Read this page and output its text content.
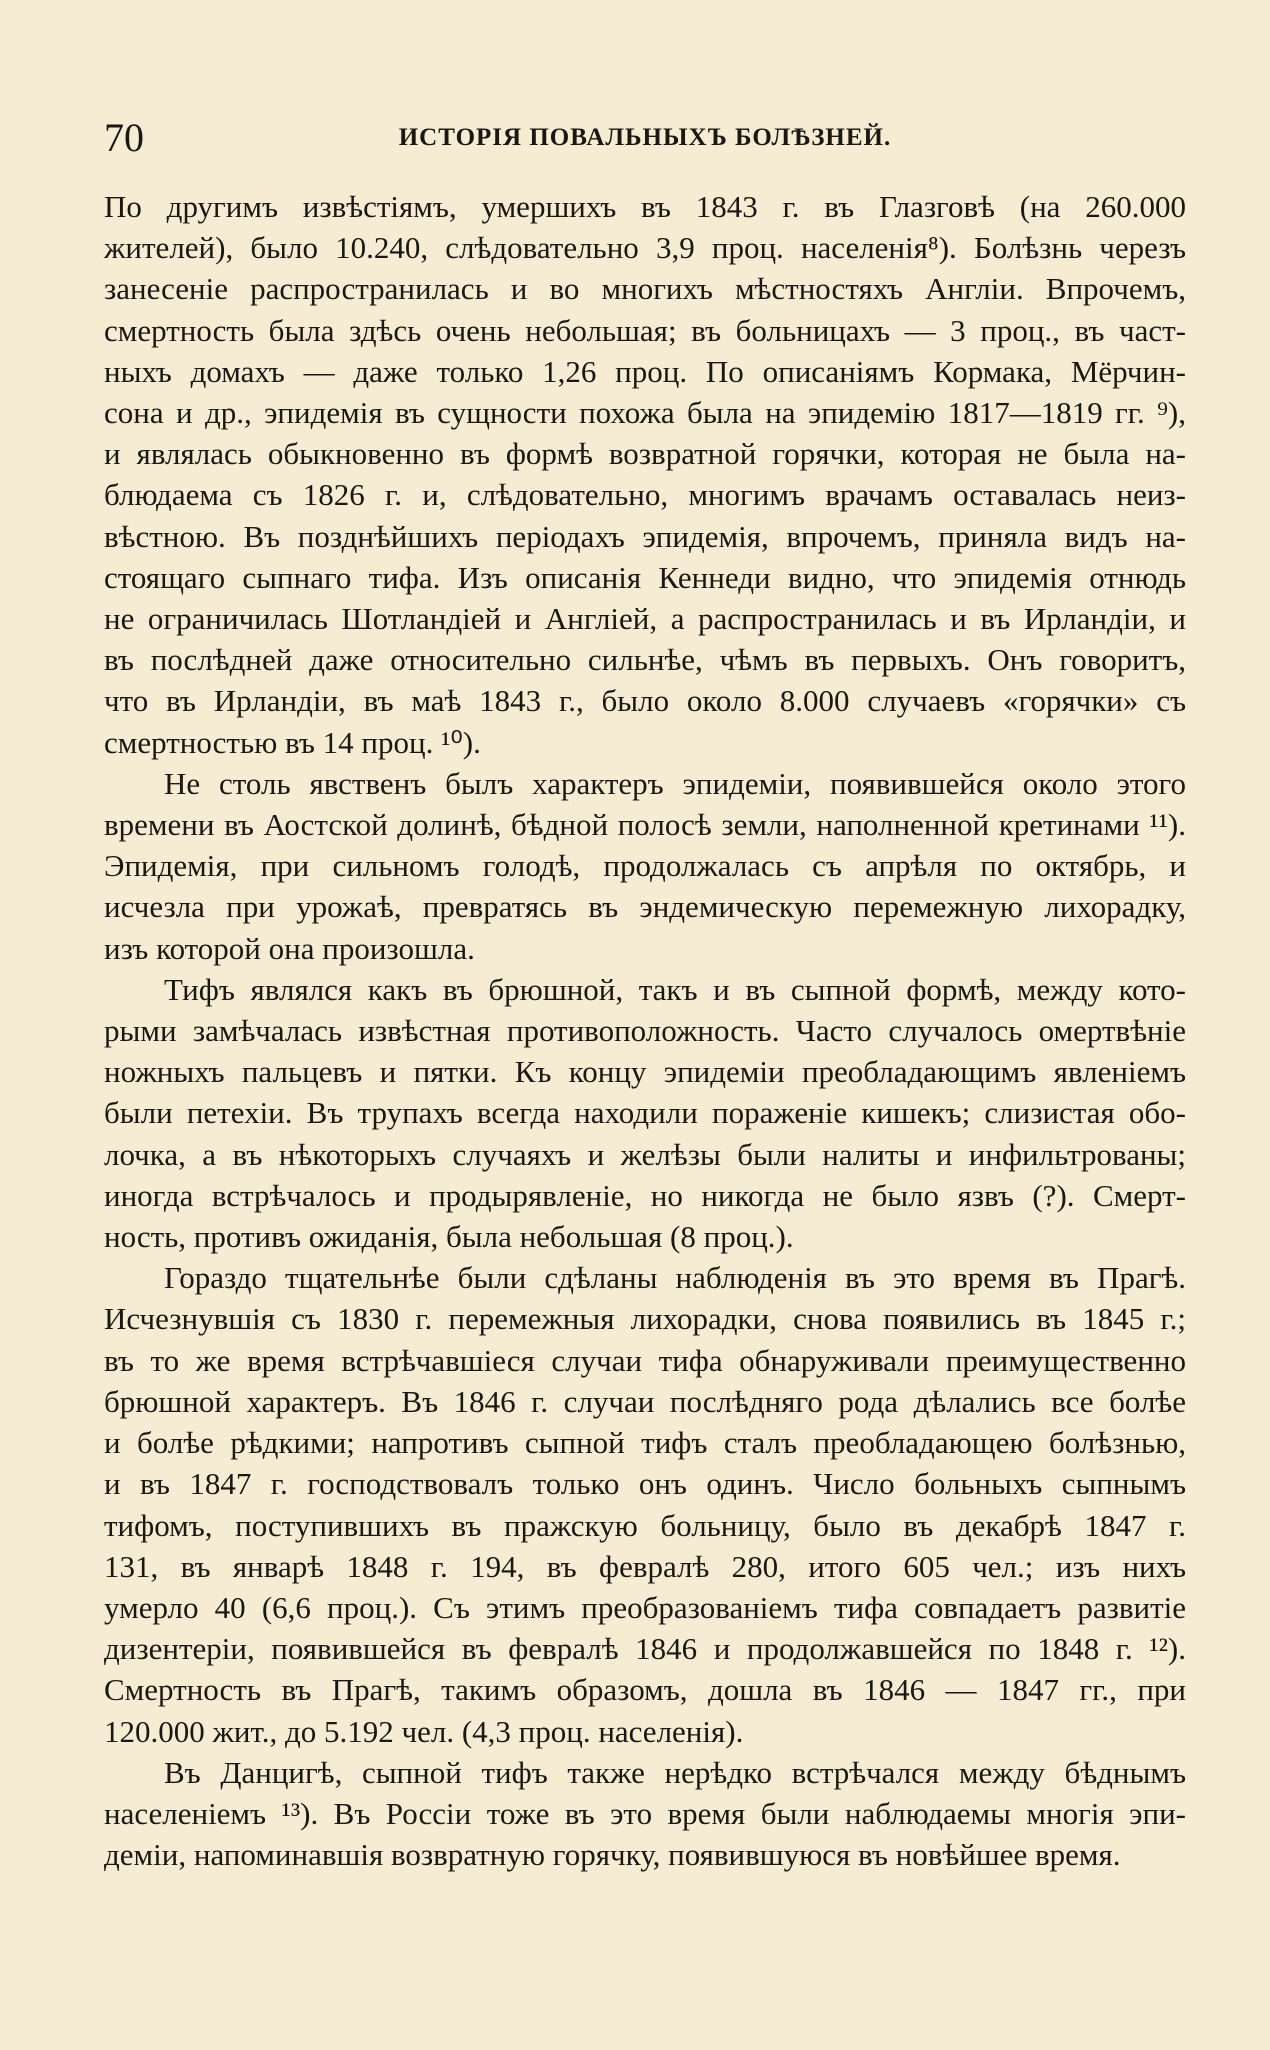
70	ИСТОРІЯ ПОВАЛЬНЫХЪ БОЛѢЗНЕЙ.
По другимъ извѣстіямъ, умершихъ въ 1843 г. въ Глазговѣ (на 260.000
жителей), было 10.240, слѣдовательно 3,9 проц. населенія⁸). Болѣзнь черезъ
занесеніе распространилась и во многихъ мѣстностяхъ Англіи. Впрочемъ,
смертность была здѣсь очень небольшая; въ больницахъ — 3 проц., въ част-
ныхъ домахъ — даже только 1,26 проц. По описаніямъ Кормака, Мёрчин-
сона и др., эпидемія въ сущности похожа была на эпидемію 1817—1819 гг. ⁹),
и являлась обыкновенно въ формѣ возвратной горячки, которая не была на-
блюдаема съ 1826 г. и, слѣдовательно, многимъ врачамъ оставалась неиз-
вѣстною. Въ позднѣйшихъ періодахъ эпидемія, впрочемъ, приняла видъ на-
стоящаго сыпнаго тифа. Изъ описанія Кеннеди видно, что эпидемія отнюдь
не ограничилась Шотландіей и Англіей, а распространилась и въ Ирландіи, и
въ послѣдней даже относительно сильнѣе, чѣмъ въ первыхъ. Онъ говоритъ,
что въ Ирландіи, въ маѣ 1843 г., было около 8.000 случаевъ «горячки» съ
смертностью въ 14 проц. ¹⁰).
Не столь явственъ былъ характеръ эпидеміи, появившейся около этого
времени въ Аостской долинѣ, бѣдной полосѣ земли, наполненной кретинами ¹¹).
Эпидемія, при сильномъ голодѣ, продолжалась съ апрѣля по октябрь, и
исчезла при урожаѣ, превратясь въ эндемическую перемежную лихорадку,
изъ которой она произошла.
Тифъ являлся какъ въ брюшной, такъ и въ сыпной формѣ, между кото-
рыми замѣчалась извѣстная противоположность. Часто случалось омертвѣніе
ножныхъ пальцевъ и пятки. Къ концу эпидеміи преобладающимъ явленіемъ
были петехіи. Въ трупахъ всегда находили пораженіе кишекъ; слизистая обо-
лочка, а въ нѣкоторыхъ случаяхъ и желѣзы были налиты и инфильтрованы;
иногда встрѣчалось и продырявленіе, но никогда не было язвъ (?). Смерт-
ность, противъ ожиданія, была небольшая (8 проц.).
Гораздо тщательнѣе были сдѣланы наблюденія въ это время въ Прагѣ.
Исчезнувшія съ 1830 г. перемежныя лихорадки, снова появились въ 1845 г.;
въ то же время встрѣчавшіеся случаи тифа обнаруживали преимущественно
брюшной характеръ. Въ 1846 г. случаи послѣдняго рода дѣлались все болѣе
и болѣе рѣдкими; напротивъ сыпной тифъ сталъ преобладающею болѣзнью,
и въ 1847 г. господствовалъ только онъ одинъ. Число больныхъ сыпнымъ
тифомъ, поступившихъ въ пражскую больницу, было въ декабрѣ 1847 г.
131, въ январѣ 1848 г. 194, въ февралѣ 280, итого 605 чел.; изъ нихъ
умерло 40 (6,6 проц.). Съ этимъ преобразованіемъ тифа совпадаетъ развитіе
дизентеріи, появившейся въ февралѣ 1846 и продолжавшейся по 1848 г. ¹²).
Смертность въ Прагѣ, такимъ образомъ, дошла въ 1846 — 1847 гг., при
120.000 жит., до 5.192 чел. (4,3 проц. населенія).
Въ Данцигѣ, сыпной тифъ также нерѣдко встрѣчался между бѣднымъ
населеніемъ ¹³). Въ Россіи тоже въ это время были наблюдаемы многія эпи-
деміи, напоминавшія возвратную горячку, появившуюся въ новѣйшее время.
